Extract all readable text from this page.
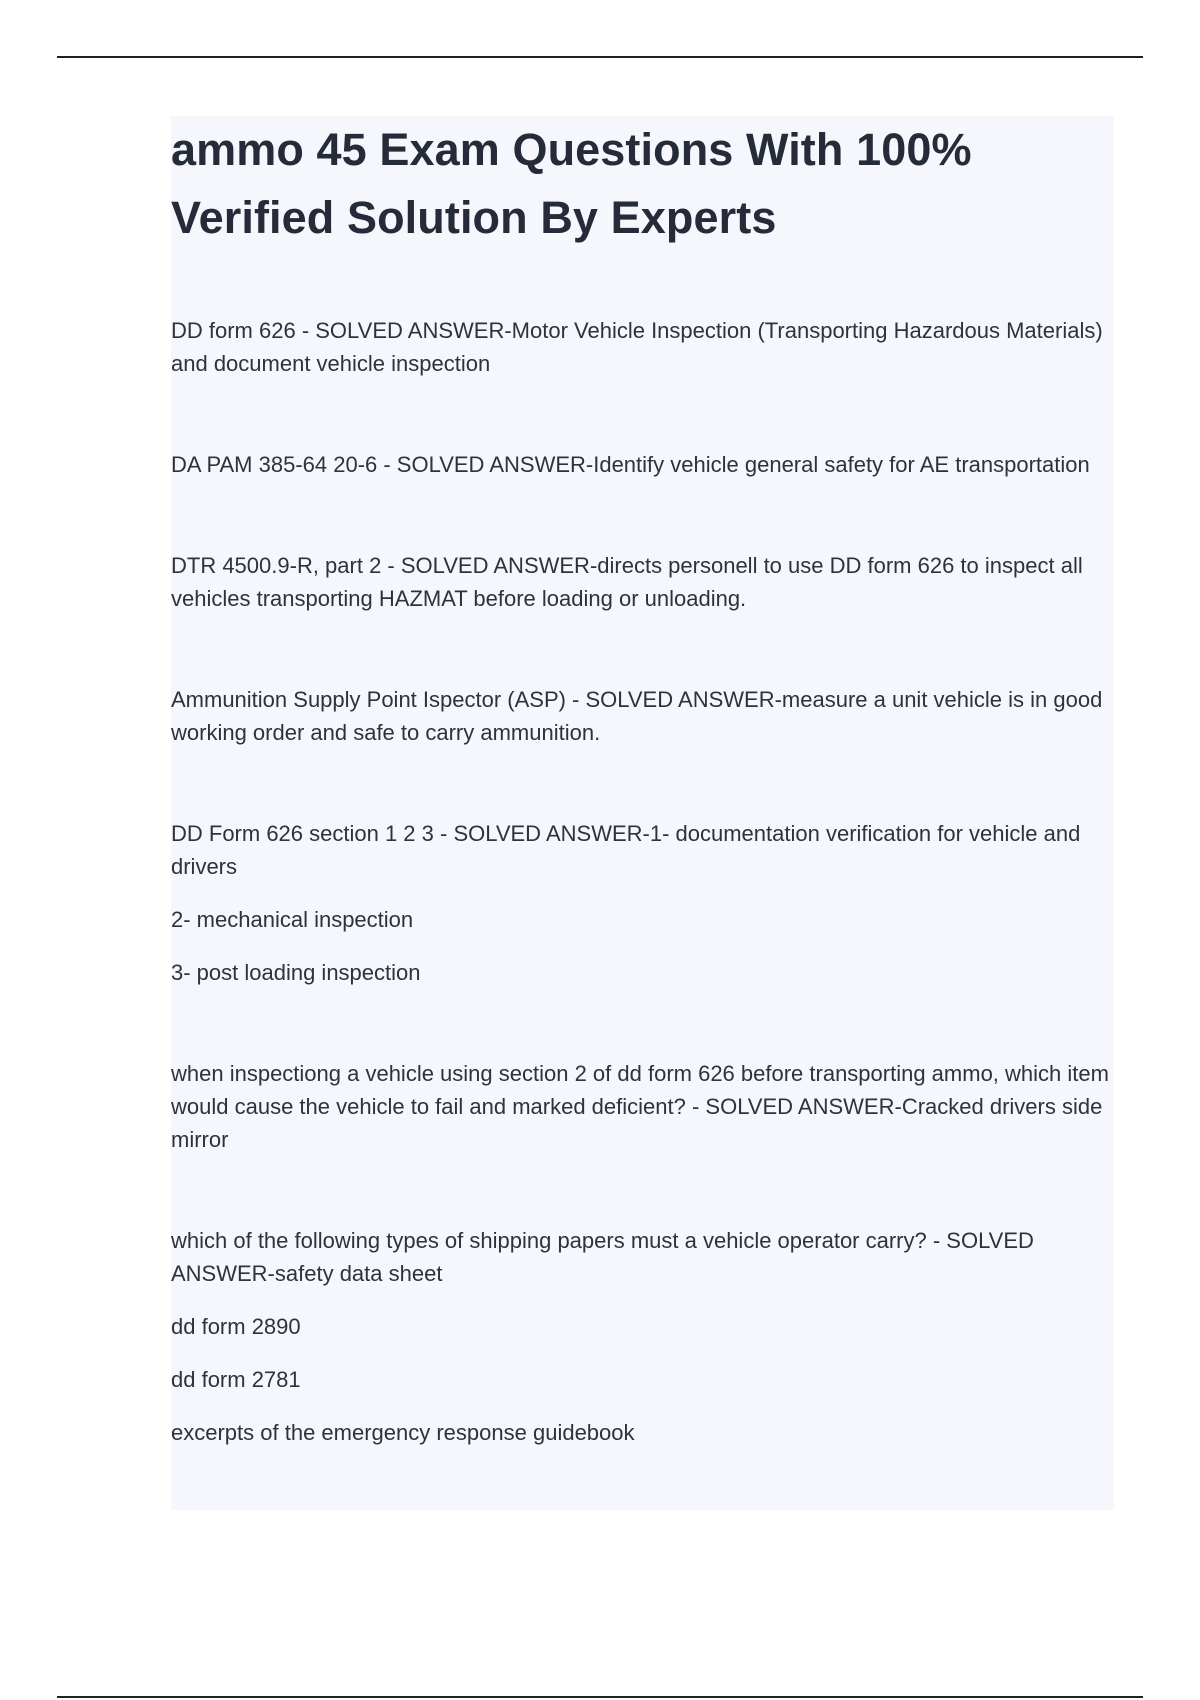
ammo 45 Exam Questions With 100% Verified Solution By Experts

DD form 626 - SOLVED ANSWER-Motor Vehicle Inspection (Transporting Hazardous Materials) and document vehicle inspection

DA PAM 385-64 20-6 - SOLVED ANSWER-Identify vehicle general safety for AE transportation

DTR 4500.9-R, part 2 - SOLVED ANSWER-directs personell to use DD form 626 to inspect all vehicles transporting HAZMAT before loading or unloading.

Ammunition Supply Point Ispector (ASP) - SOLVED ANSWER-measure a unit vehicle is in good working order and safe to carry ammunition.

DD Form 626 section 1 2 3 - SOLVED ANSWER-1- documentation verification for vehicle and drivers

2- mechanical inspection

3- post loading inspection

when inspectiong a vehicle using section 2 of dd form 626 before transporting ammo, which item would cause the vehicle to fail and marked deficient? - SOLVED ANSWER-Cracked drivers side mirror

which of the following types of shipping papers must a vehicle operator carry? - SOLVED ANSWER-safety data sheet

dd form 2890

dd form 2781

excerpts of the emergency response guidebook
